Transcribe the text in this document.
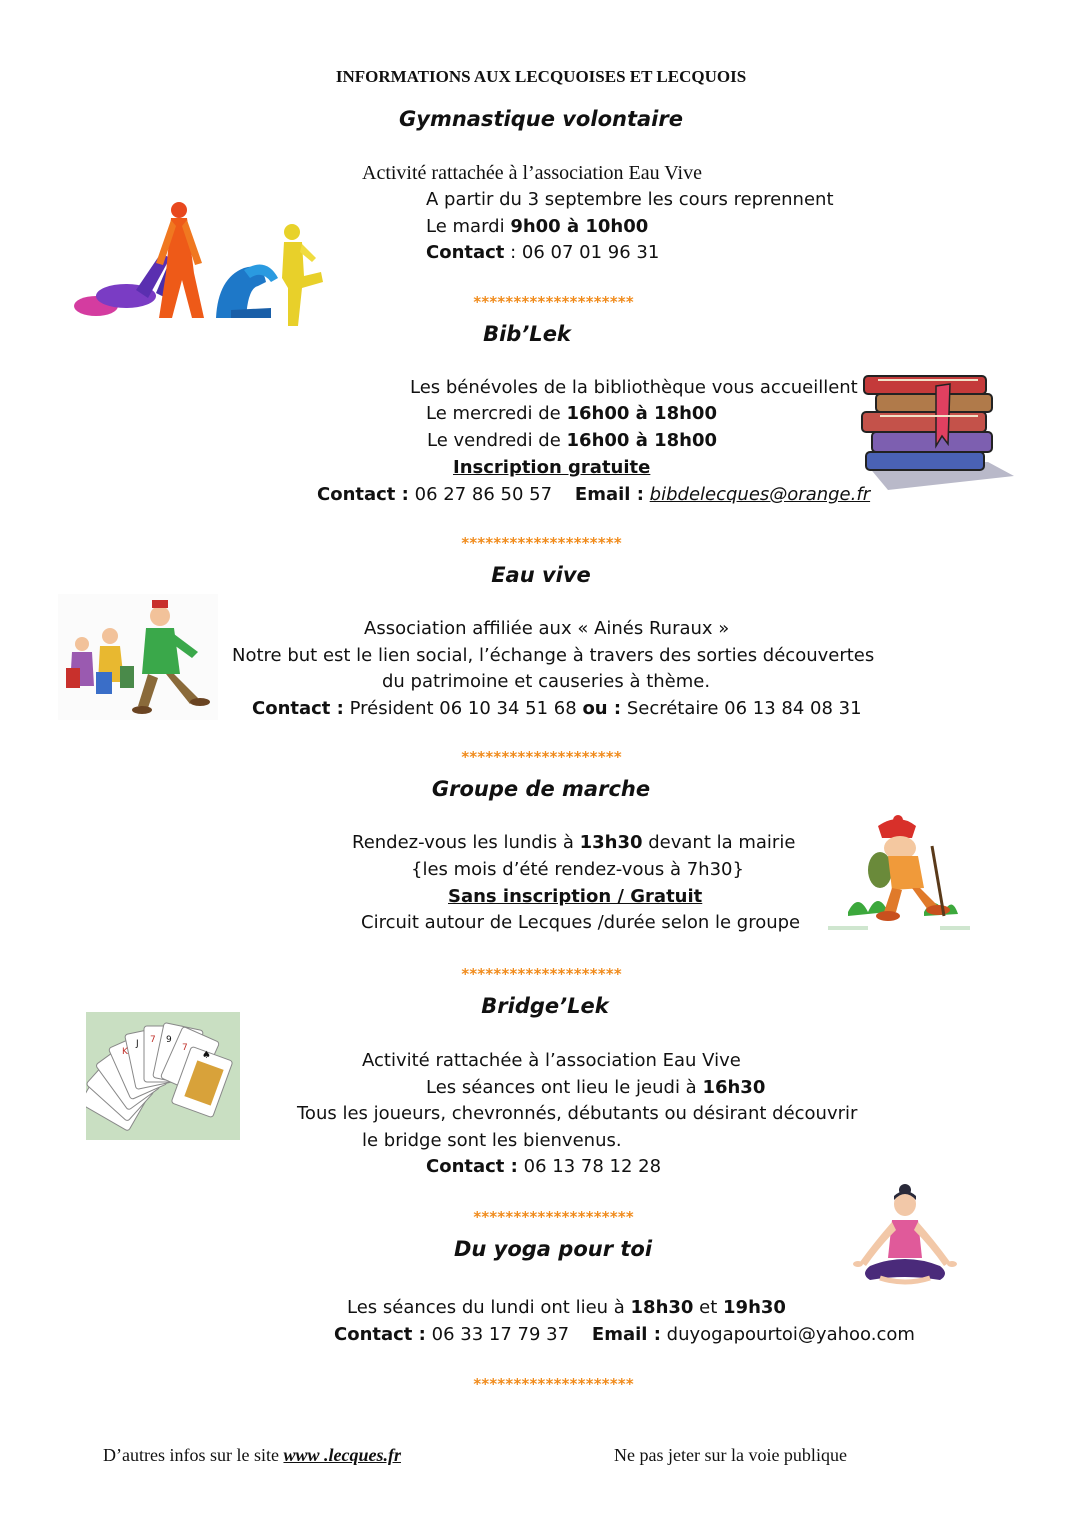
INFORMATIONS AUX LECQUOISES ET LECQUOIS
Gymnastique volontaire
Activité rattachée à l’association Eau Vive
A partir du 3 septembre les cours reprennent
Le mardi 9h00 à 10h00
Contact : 06 07 01 96 31
********************
Bib’Lek
Les bénévoles de la bibliothèque vous accueillent
Le mercredi de 16h00 à 18h00
Le vendredi de 16h00 à 18h00
Inscription gratuite
Contact : 06 27 86 50 57 Email : bibdelecques@orange.fr
********************
Eau vive
Association affiliée aux « Ainés Ruraux »
Notre but est le lien social, l’échange à travers des sorties découvertes
du patrimoine et causeries à thème.
Contact : Président 06 10 34 51 68 ou : Secrétaire 06 13 84 08 31
********************
Groupe de marche
Rendez-vous les lundis à 13h30 devant la mairie
{les mois d’été rendez-vous à 7h30}
Sans inscription / Gratuit
Circuit autour de Lecques /durée selon le groupe
********************
Bridge’Lek
Activité rattachée à l’association Eau Vive
Les séances ont lieu le jeudi à 16h30
Tous les joueurs, chevronnés, débutants ou désirant découvrir
le bridge sont les bienvenus.
Contact : 06 13 78 12 28
7
J
K
9
7
♠
********************
Du yoga pour toi
Les séances du lundi ont lieu à 18h30 et 19h30
Contact : 06 33 17 79 37 Email : duyogapourtoi@yahoo.com
********************
D’autres infos sur le site www .lecques.fr	Ne pas jeter sur la voie publique
